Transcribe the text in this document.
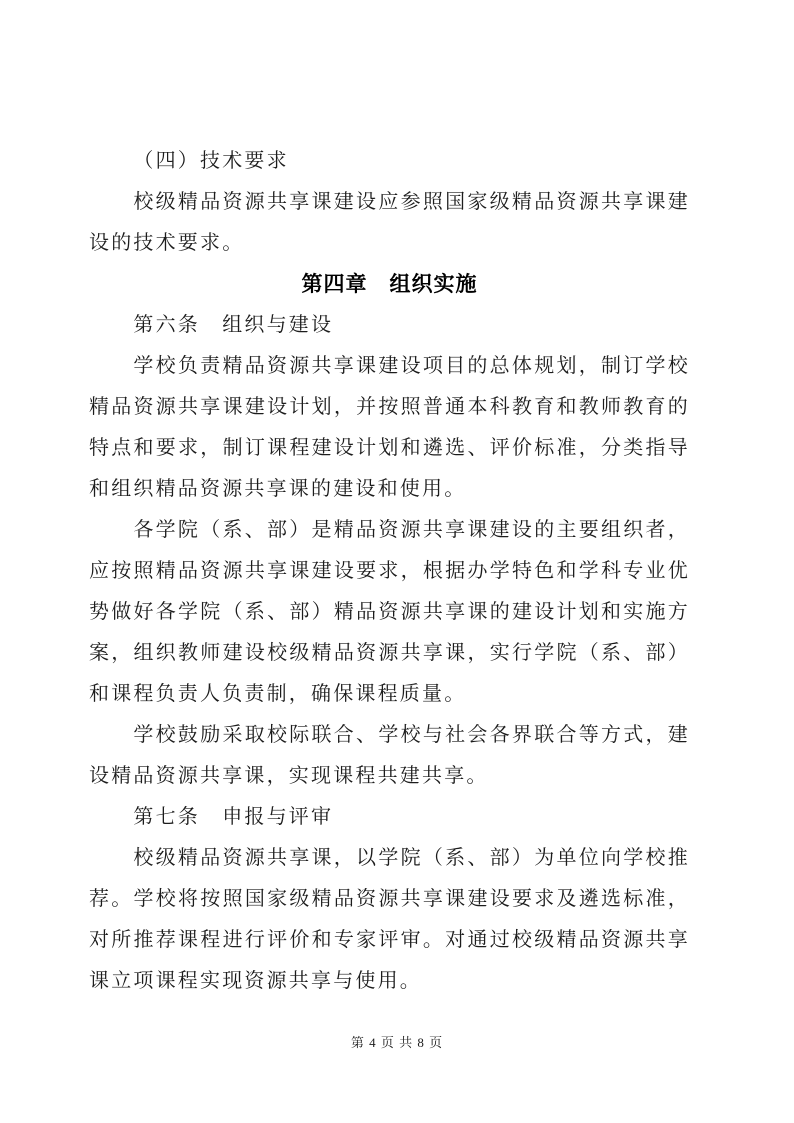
（四）技术要求

校级精品资源共享课建设应参照国家级精品资源共享课建设的技术要求。

第四章　组织实施

第六条　组织与建设

学校负责精品资源共享课建设项目的总体规划，制订学校精品资源共享课建设计划，并按照普通本科教育和教师教育的特点和要求，制订课程建设计划和遴选、评价标准，分类指导和组织精品资源共享课的建设和使用。

各学院（系、部）是精品资源共享课建设的主要组织者，应按照精品资源共享课建设要求，根据办学特色和学科专业优势做好各学院（系、部）精品资源共享课的建设计划和实施方案，组织教师建设校级精品资源共享课，实行学院（系、部）和课程负责人负责制，确保课程质量。

学校鼓励采取校际联合、学校与社会各界联合等方式，建设精品资源共享课，实现课程共建共享。

第七条　申报与评审

校级精品资源共享课，以学院（系、部）为单位向学校推荐。学校将按照国家级精品资源共享课建设要求及遴选标准，对所推荐课程进行评价和专家评审。对通过校级精品资源共享课立项课程实现资源共享与使用。

第 4 页 共 8 页
